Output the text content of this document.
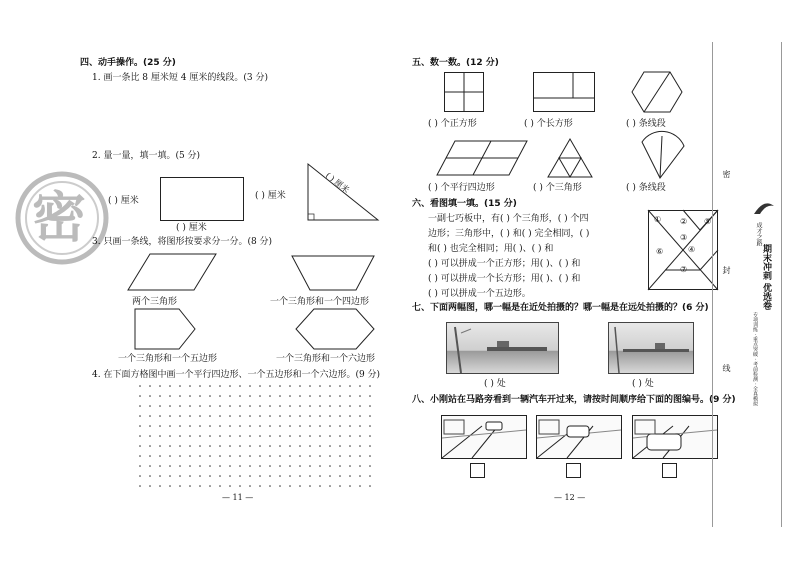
四、动手操作。(25 分)
1. 画一条比 8 厘米短 4 厘米的线段。(3 分)
2. 量一量，填一填。(5 分)
( ) 厘米
( ) 厘米
( ) 厘米
( ) 厘米
密 3. 只画一条线，将图形按要求分一分。(8 分)
两个三角形	一个三角形和一个四边形
一个三角形和一个五边形	一个三角形和一个六边形
4. 在下面方格图中画一个平行四边形、一个五边形和一个六边形。(9 分)
— 11 —
五、数一数。(12 分)
( ) 个正方形	( ) 个长方形	( ) 条线段
( ) 个平行四边形	( ) 个三角形	( ) 条线段
六、看图填一填。(15 分)
一副七巧板中，有( ) 个三角形，( ) 个四
边形；三角形中，( ) 和( ) 完全相同，( )
和( ) 也完全相同；用( )、( ) 和
( ) 可以拼成一个正方形；用( )、( ) 和
( ) 可以拼成一个长方形；用( )、( ) 和
( ) 可以拼成一个五边形。
① ②
③
④
⑤
⑥
⑦
七、下面两幅图，哪一幅是在近处拍摄的？哪一幅是在远处拍摄的？(6 分)
( ) 处	( ) 处
八、小刚站在马路旁看到一辆汽车开过来，请按时间顺序给下面的图编号。(9 分)
— 12 —
密
封
线
成才之路
期末冲刺 优选卷
专项训练 · 重点突破 · 考前检测 · 全真模拟
